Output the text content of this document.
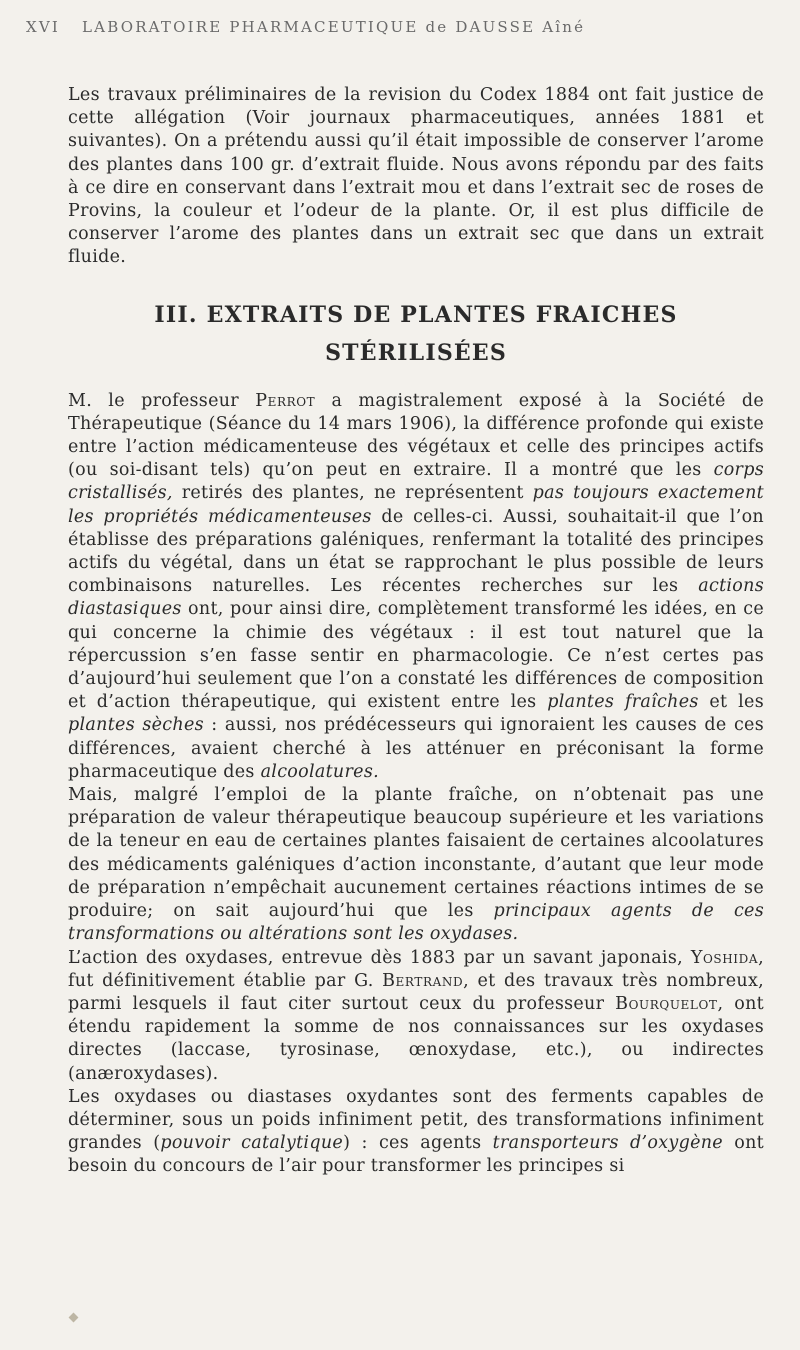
XVI LABORATOIRE PHARMACEUTIQUE de DAUSSE Aîné

Les travaux préliminaires de la revision du Codex 1884 ont fait justice de cette allégation (Voir journaux pharmaceutiques, années 1881 et suivantes). On a prétendu aussi qu’il était impossible de conserver l’arome des plantes dans 100 gr. d’extrait fluide. Nous avons répondu par des faits à ce dire en conservant dans l’extrait mou et dans l’extrait sec de roses de Provins, la couleur et l’odeur de la plante. Or, il est plus difficile de conserver l’arome des plantes dans un extrait sec que dans un extrait fluide.

III. EXTRAITS DE PLANTES FRAICHES
STÉRILISÉES

M. le professeur Perrot a magistralement exposé à la Société de Thérapeutique (Séance du 14 mars 1906), la différence profonde qui existe entre l’action médicamenteuse des végétaux et celle des principes actifs (ou soi-disant tels) qu’on peut en extraire. Il a montré que les corps cristallisés, retirés des plantes, ne représentent pas toujours exactement les propriétés médicamenteuses de celles-ci. Aussi, souhaitait-il que l’on établisse des préparations galéniques, renfermant la totalité des principes actifs du végétal, dans un état se rapprochant le plus possible de leurs combinaisons naturelles. Les récentes recherches sur les actions diastasiques ont, pour ainsi dire, complètement transformé les idées, en ce qui concerne la chimie des végétaux : il est tout naturel que la répercussion s’en fasse sentir en pharmacologie. Ce n’est certes pas d’aujourd’hui seulement que l’on a constaté les différences de composition et d’action thérapeutique, qui existent entre les plantes fraîches et les plantes sèches : aussi, nos prédécesseurs qui ignoraient les causes de ces différences, avaient cherché à les atténuer en préconisant la forme pharmaceutique des alcoolatures.

Mais, malgré l’emploi de la plante fraîche, on n’obtenait pas une préparation de valeur thérapeutique beaucoup supérieure et les variations de la teneur en eau de certaines plantes faisaient de certaines alcoolatures des médicaments galéniques d’action inconstante, d’autant que leur mode de préparation n’empêchait aucunement certaines réactions intimes de se produire; on sait aujourd’hui que les principaux agents de ces transformations ou altérations sont les oxydases.

L’action des oxydases, entrevue dès 1883 par un savant japonais, Yoshida, fut définitivement établie par G. Bertrand, et des travaux très nombreux, parmi lesquels il faut citer surtout ceux du professeur Bourquelot, ont étendu rapidement la somme de nos connaissances sur les oxydases directes (laccase, tyrosinase, œnoxydase, etc.), ou indirectes (anæroxydases).

Les oxydases ou diastases oxydantes sont des ferments capables de déterminer, sous un poids infiniment petit, des transformations infiniment grandes (pouvoir catalytique) : ces agents transporteurs d’oxygène ont besoin du concours de l’air pour transformer les principes si
